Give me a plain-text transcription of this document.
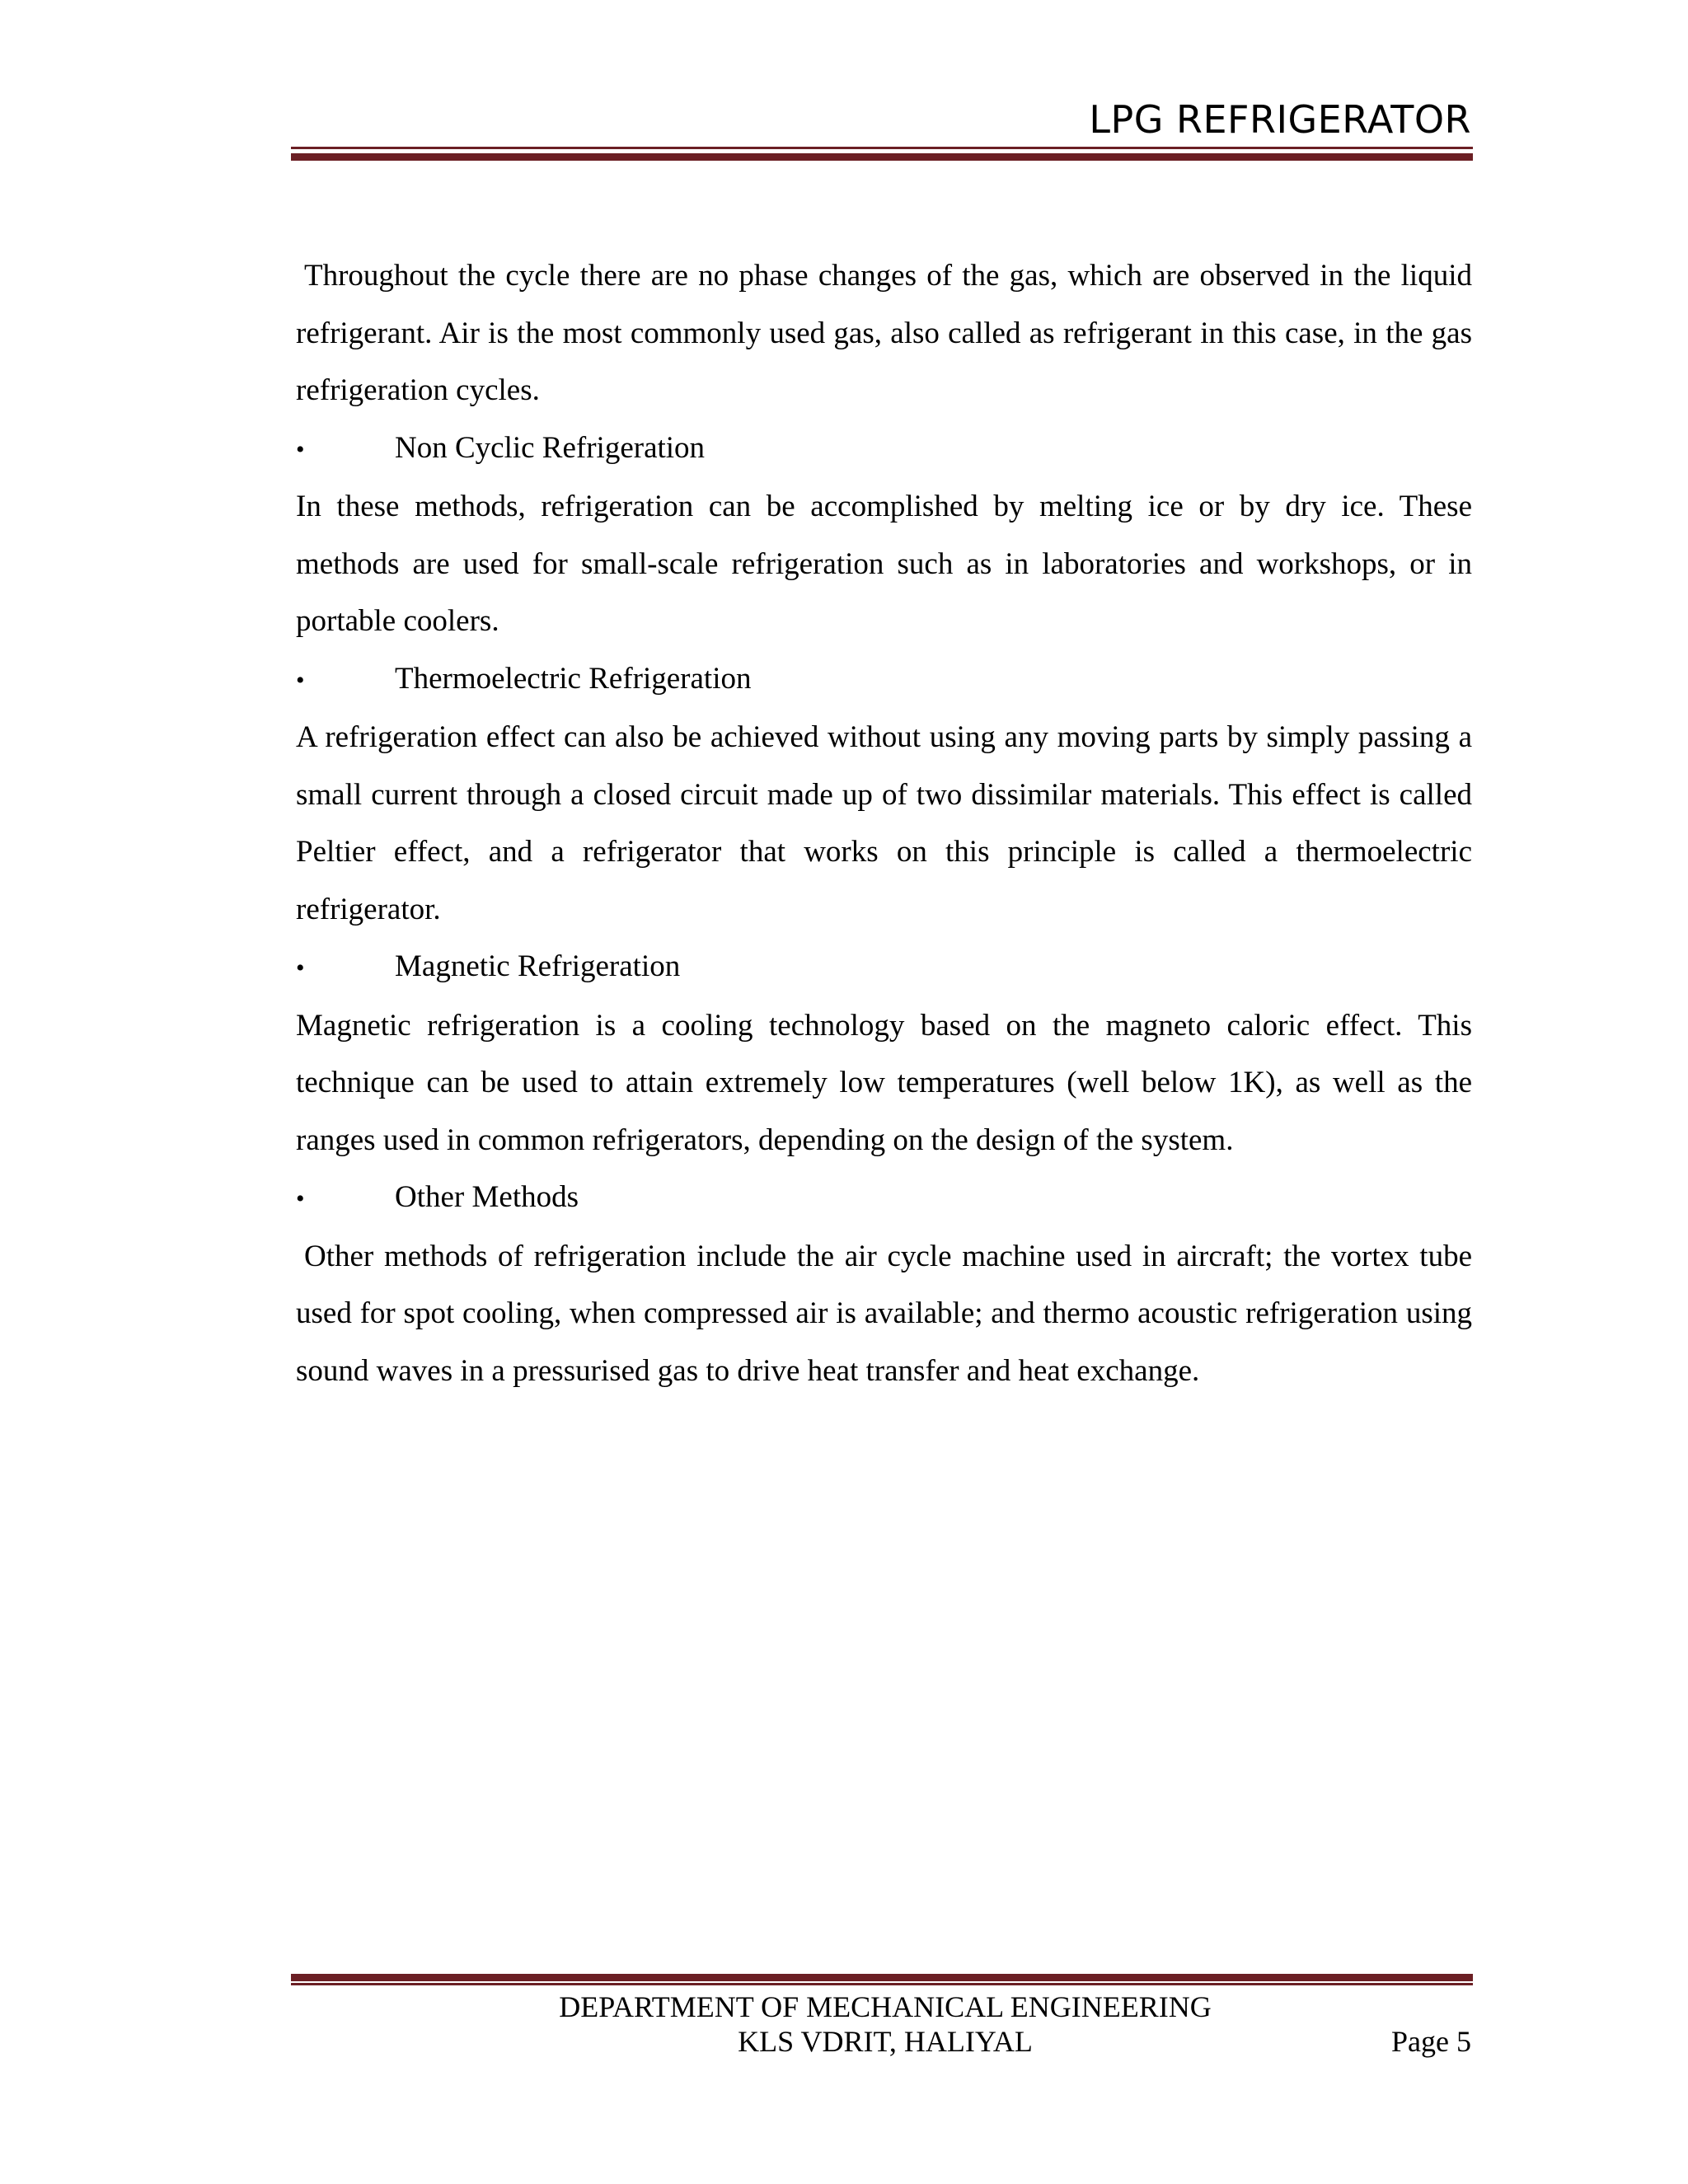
LPG REFRIGERATOR

Throughout the cycle there are no phase changes of the gas, which are observed in the liquid refrigerant. Air is the most commonly used gas, also called as refrigerant in this case, in the gas refrigeration cycles.

•	Non Cyclic Refrigeration

In these methods, refrigeration can be accomplished by melting ice or by dry ice. These methods are used for small-scale refrigeration such as in laboratories and workshops, or in portable coolers.

•	Thermoelectric Refrigeration

A refrigeration effect can also be achieved without using any moving parts by simply passing a small current through a closed circuit made up of two dissimilar materials. This effect is called Peltier effect, and a refrigerator that works on this principle is called a thermoelectric refrigerator.

•	Magnetic Refrigeration

Magnetic refrigeration is a cooling technology based on the magneto caloric effect. This technique can be used to attain extremely low temperatures (well below 1K), as well as the ranges used in common refrigerators, depending on the design of the system.

•	Other Methods

Other methods of refrigeration include the air cycle machine used in aircraft; the vortex tube used for spot cooling, when compressed air is available; and thermo acoustic refrigeration using sound waves in a pressurised gas to drive heat transfer and heat exchange.

DEPARTMENT OF MECHANICAL ENGINEERING
KLS VDRIT, HALIYAL	Page 5
